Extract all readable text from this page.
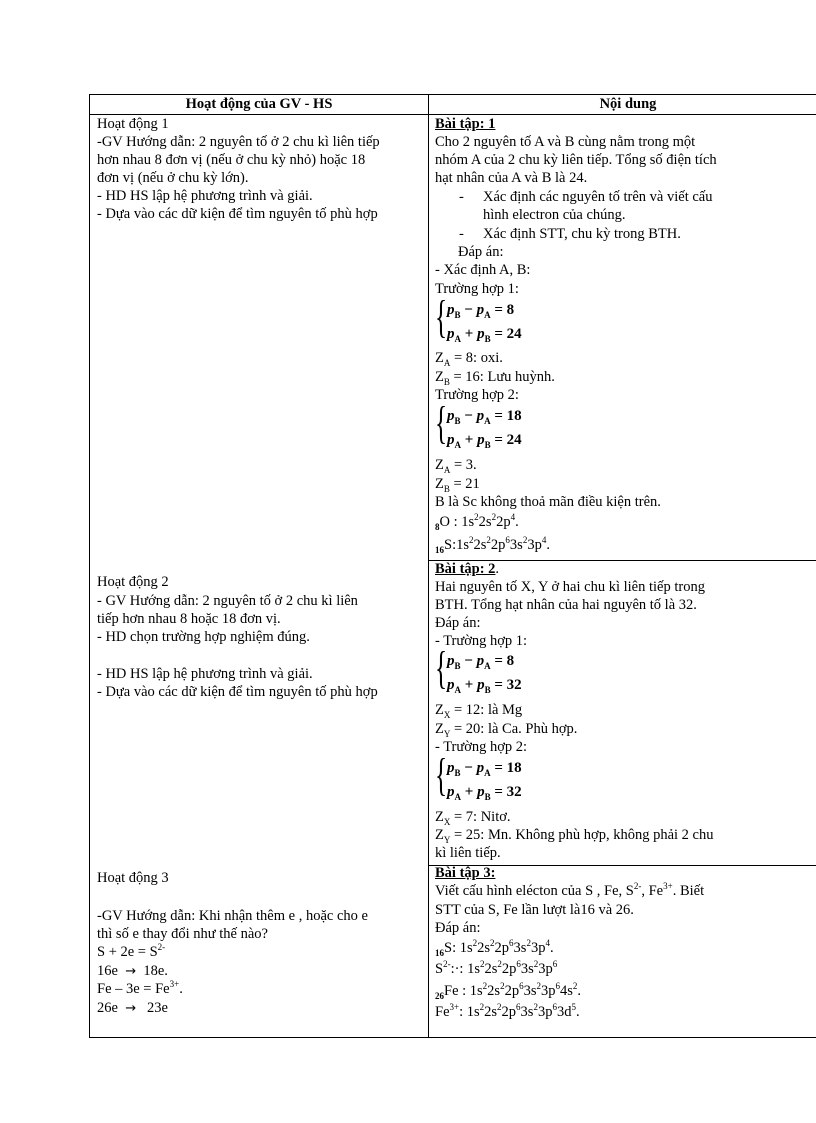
Hoạt động của GV - HS	Nội dung
Hoạt động 1
-GV Hướng dẫn: 2 nguyên tố ở 2 chu kì liên tiếp
hơn nhau 8 đơn vị (nếu ở chu kỳ nhỏ) hoặc 18
đơn vị (nếu ở chu kỳ lớn).
- HD HS lập hệ phương trình và giải.
- Dựa vào các dữ kiện để tìm nguyên tố phù hợp
Hoạt động 2
- GV Hướng dẫn: 2 nguyên tố ở 2 chu kì liên
tiếp hơn nhau 8 hoặc 18 đơn vị.
- HD chọn trường hợp nghiệm đúng.
- HD HS lập hệ phương trình và giải.
- Dựa vào các dữ kiện để tìm nguyên tố phù hợp
Hoạt động 3
-GV Hướng dẫn: Khi nhận thêm e , hoặc cho e
thì số e thay đổi như thế nào?
$S + 2e = S^{2-}$
16e → 18e.
$Fe - 3e = Fe^{3+}$.
26e → 23e
Bài tập: 1
Cho 2 nguyên tố A và B cùng nằm trong một
nhóm A của 2 chu kỳ liên tiếp. Tổng số điện tích
hạt nhân của A và B là 24.
- Xác định các nguyên tố trên và viết cấu
hình electron của chúng.
- Xác định STT, chu kỳ trong BTH.
Đáp án:
- Xác định A, B:
Trường hợp 1:
{ $p_B - p_A = 8$
$p_A + p_B = 24$
$Z_A = 8$: oxi.
$Z_B = 16$: Lưu huỳnh.
Trường hợp 2:
{ $p_B - p_A = 18$
$p_A + p_B = 24$
$Z_A = 3$.
$Z_B = 21$
B là Sc không thoả mãn điều kiện trên.
$_8$O : $1s^22s^22p^4$.
$_{16}S:1s^22s^22p^63s^23p^4$.
Bài tập: 2.
Hai nguyên tố X, Y ở hai chu kì liên tiếp trong
BTH. Tổng hạt nhân của hai nguyên tố là 32.
Đáp án:
- Trường hợp 1:
{ $p_B - p_A = 8$
$p_A + p_B = 32$
$Z_X = 12$: là Mg
$Z_Y = 20$: là Ca. Phù hợp.
- Trường hợp 2:
{ $p_B - p_A = 18$
$p_A + p_B = 32$
$Z_X = 7$: Nitơ.
$Z_Y = 25$: Mn. Không phù hợp, không phải 2 chu
kì liên tiếp.
Bài tập 3:
Viết cấu hình elécton của S , Fe, $S^{2-}$, $Fe^{3+}$. Biết
STT của S, Fe lần lượt là16 và 26.
Đáp án:
$_{16}$S: $1s^22s^22p^63s^23p^4$.
$S^{2-}:\cdot$: $1s^22s^22p^63s^23p^6$
$_{26}$Fe : $1s^22s^22p^63s^23p^64s^2$.
$Fe^{3+}$: $1s^22s^22p^63s^23p^63d^5$.
